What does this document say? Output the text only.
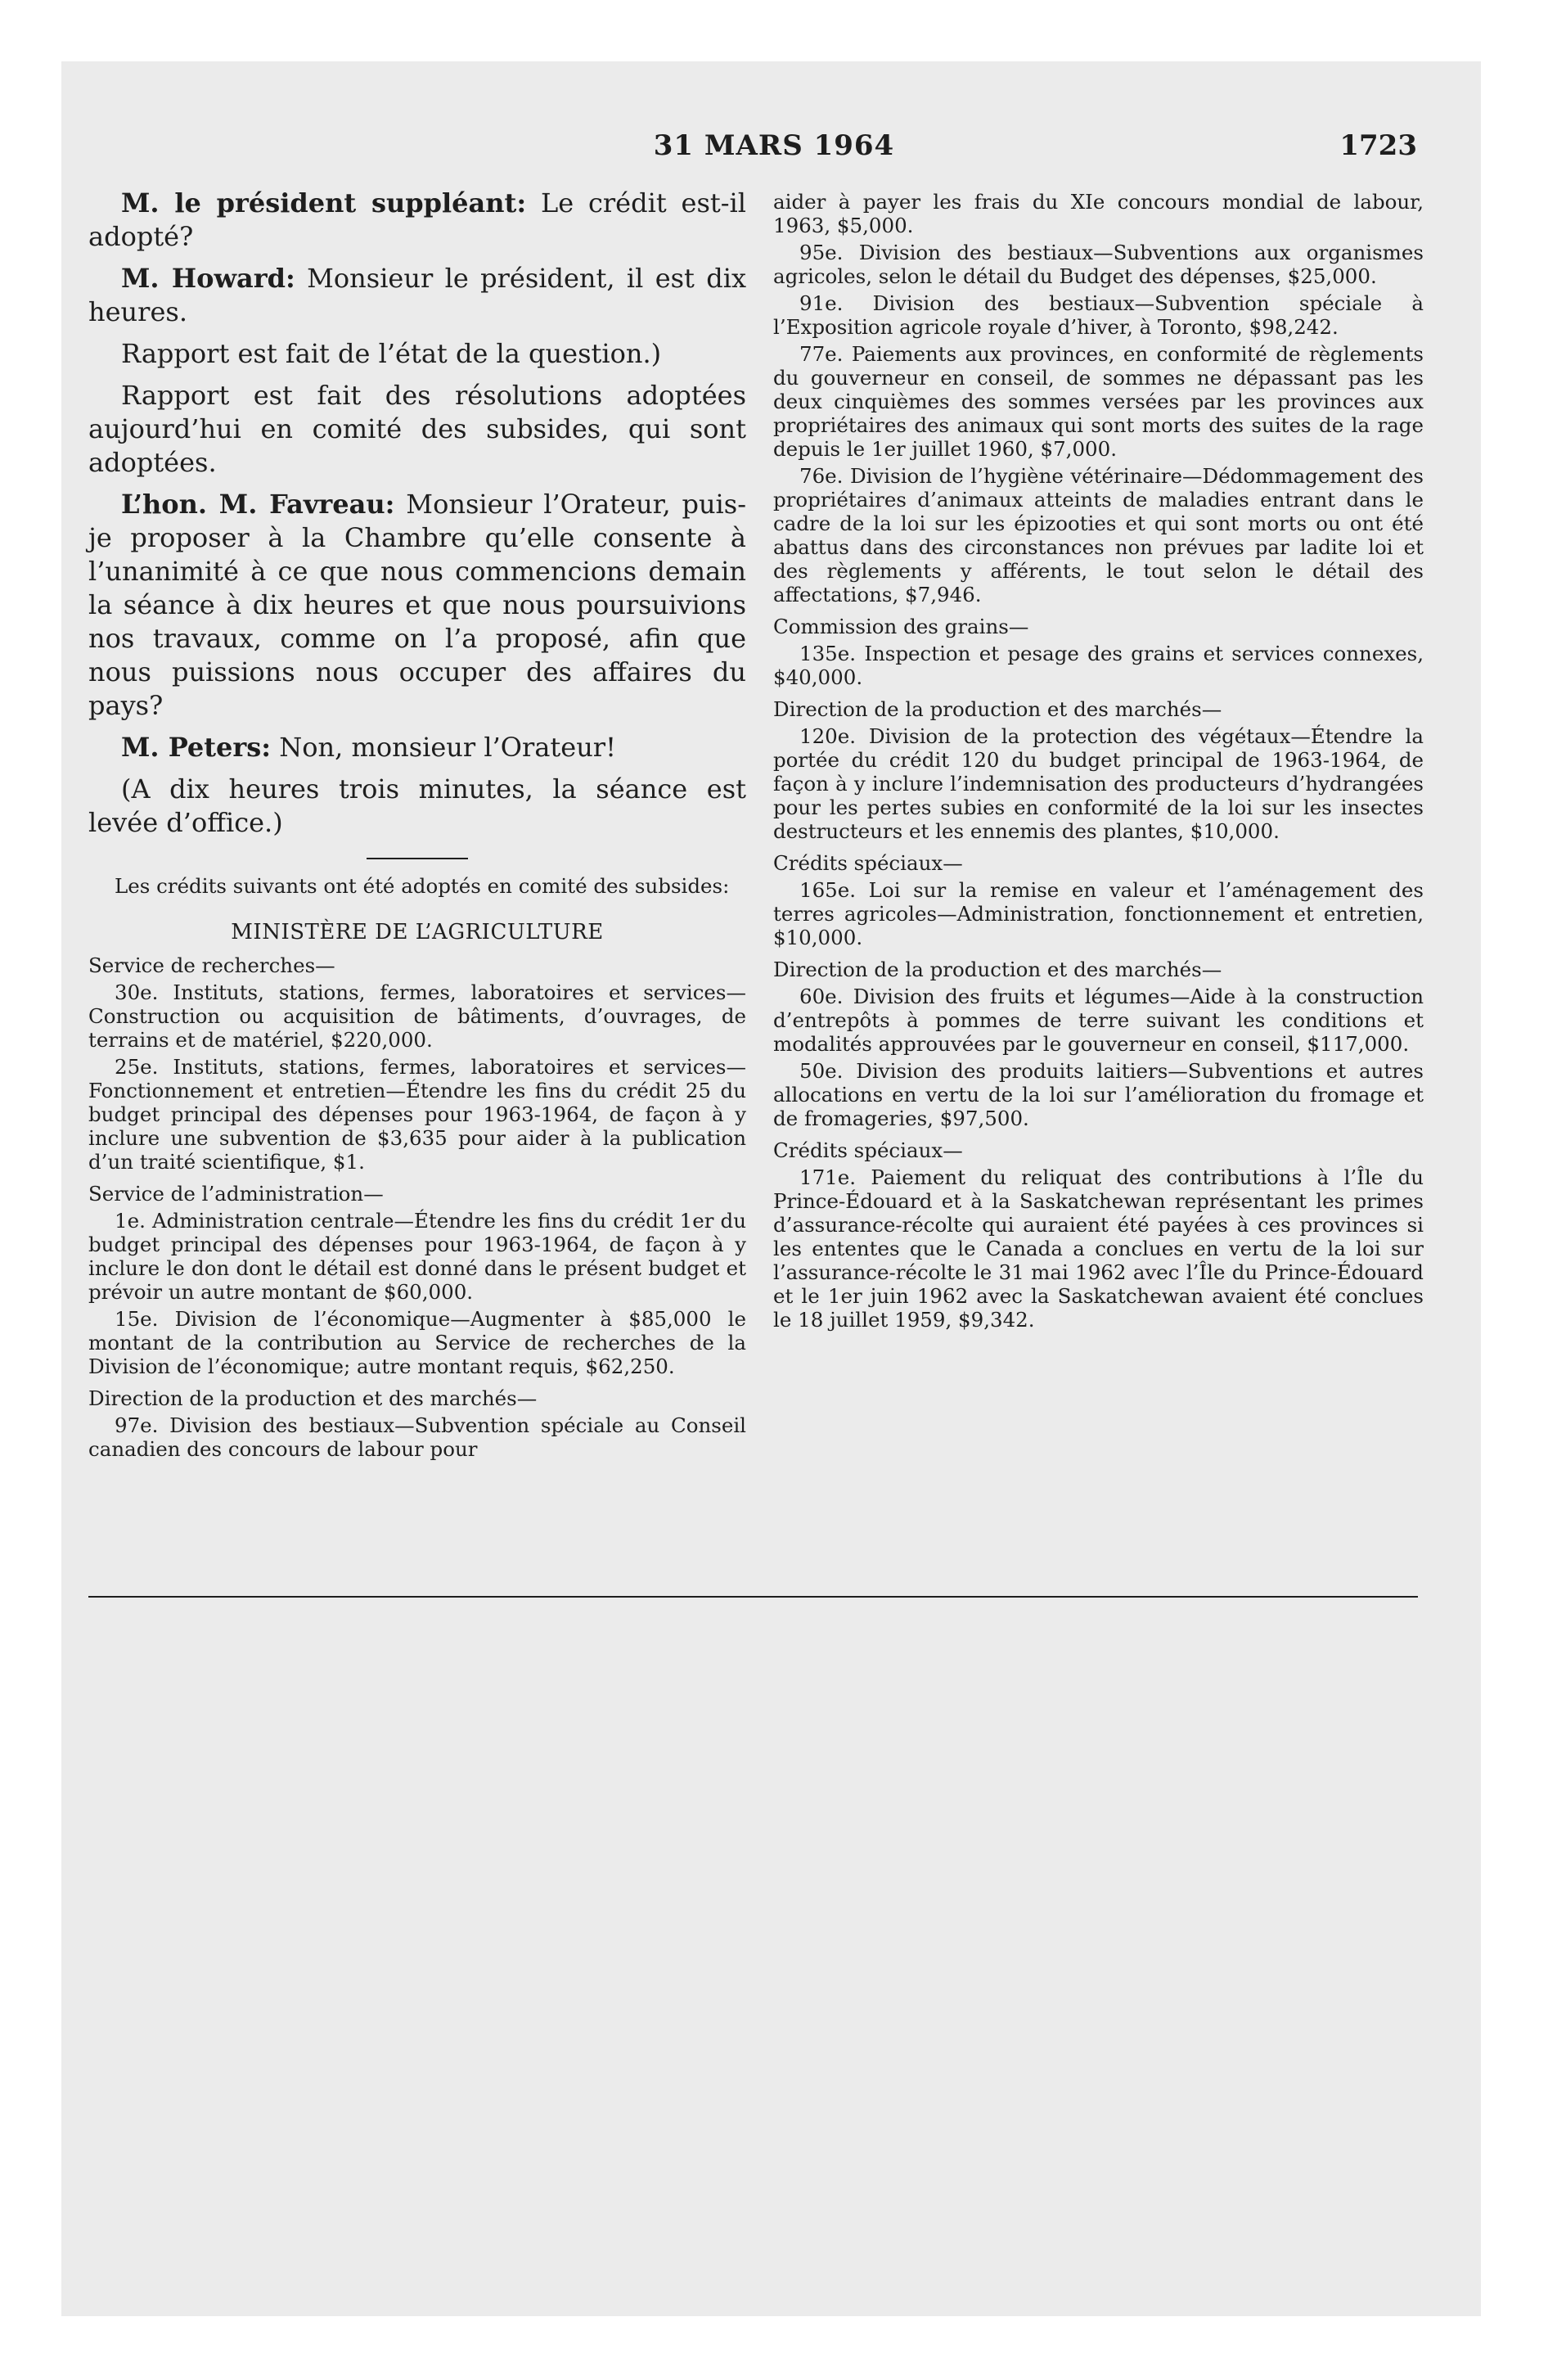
31 MARS 1964	1723

M. le président suppléant: Le crédit est-il adopté?

M. Howard: Monsieur le président, il est dix heures.

Rapport est fait de l’état de la question.)

Rapport est fait des résolutions adoptées aujourd’hui en comité des subsides, qui sont adoptées.

L’hon. M. Favreau: Monsieur l’Orateur, puis-je proposer à la Chambre qu’elle consente à l’unanimité à ce que nous commencions demain la séance à dix heures et que nous poursuivions nos travaux, comme on l’a proposé, afin que nous puissions nous occuper des affaires du pays?

M. Peters: Non, monsieur l’Orateur!

(A dix heures trois minutes, la séance est levée d’office.)

Les crédits suivants ont été adoptés en comité des subsides:

MINISTÈRE DE L’AGRICULTURE

Service de recherches—

30e. Instituts, stations, fermes, laboratoires et services—Construction ou acquisition de bâtiments, d’ouvrages, de terrains et de matériel, $220,000.

25e. Instituts, stations, fermes, laboratoires et services—Fonctionnement et entretien—Étendre les fins du crédit 25 du budget principal des dépenses pour 1963-1964, de façon à y inclure une subvention de $3,635 pour aider à la publication d’un traité scientifique, $1.

Service de l’administration—

1e. Administration centrale—Étendre les fins du crédit 1er du budget principal des dépenses pour 1963-1964, de façon à y inclure le don dont le détail est donné dans le présent budget et prévoir un autre montant de $60,000.

15e. Division de l’économique—Augmenter à $85,000 le montant de la contribution au Service de recherches de la Division de l’économique; autre montant requis, $62,250.

Direction de la production et des marchés—

97e. Division des bestiaux—Subvention spéciale au Conseil canadien des concours de labour pour

aider à payer les frais du XIe concours mondial de labour, 1963, $5,000.

95e. Division des bestiaux—Subventions aux organismes agricoles, selon le détail du Budget des dépenses, $25,000.

91e. Division des bestiaux—Subvention spéciale à l’Exposition agricole royale d’hiver, à Toronto, $98,242.

77e. Paiements aux provinces, en conformité de règlements du gouverneur en conseil, de sommes ne dépassant pas les deux cinquièmes des sommes versées par les provinces aux propriétaires des animaux qui sont morts des suites de la rage depuis le 1er juillet 1960, $7,000.

76e. Division de l’hygiène vétérinaire—Dédommagement des propriétaires d’animaux atteints de maladies entrant dans le cadre de la loi sur les épizooties et qui sont morts ou ont été abattus dans des circonstances non prévues par ladite loi et des règlements y afférents, le tout selon le détail des affectations, $7,946.

Commission des grains—

135e. Inspection et pesage des grains et services connexes, $40,000.

Direction de la production et des marchés—

120e. Division de la protection des végétaux—Étendre la portée du crédit 120 du budget principal de 1963-1964, de façon à y inclure l’indemnisation des producteurs d’hydrangées pour les pertes subies en conformité de la loi sur les insectes destructeurs et les ennemis des plantes, $10,000.

Crédits spéciaux—

165e. Loi sur la remise en valeur et l’aménagement des terres agricoles—Administration, fonctionnement et entretien, $10,000.

Direction de la production et des marchés—

60e. Division des fruits et légumes—Aide à la construction d’entrepôts à pommes de terre suivant les conditions et modalités approuvées par le gouverneur en conseil, $117,000.

50e. Division des produits laitiers—Subventions et autres allocations en vertu de la loi sur l’amélioration du fromage et de fromageries, $97,500.

Crédits spéciaux—

171e. Paiement du reliquat des contributions à l’Île du Prince-Édouard et à la Saskatchewan représentant les primes d’assurance-récolte qui auraient été payées à ces provinces si les ententes que le Canada a conclues en vertu de la loi sur l’assurance-récolte le 31 mai 1962 avec l’Île du Prince-Édouard et le 1er juin 1962 avec la Saskatchewan avaient été conclues le 18 juillet 1959, $9,342.
